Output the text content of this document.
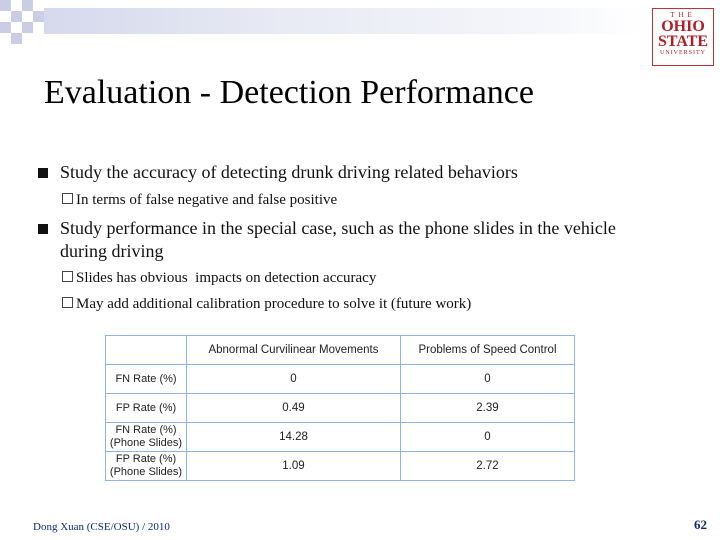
62	THE
OHIO
STATE
UNIVERSITY
Evaluation - Detection Performance
Study the accuracy of detecting drunk driving related behaviors
In terms of false negative and false positive
Study performance in the special case, such as the phone slides in the vehicle
during driving
Slides has obvious  impacts on detection accuracy
May add additional calibration procedure to solve it (future work)
	Abnormal Curvilinear Movements	Problems of Speed Control
FN Rate (%)	0	0
FP Rate (%)	0.49	2.39
FN Rate (%)
(Phone Slides)	14.28	0
FP Rate (%)
(Phone Slides)	1.09	2.72
Dong Xuan (CSE/OSU) / 2010	62
